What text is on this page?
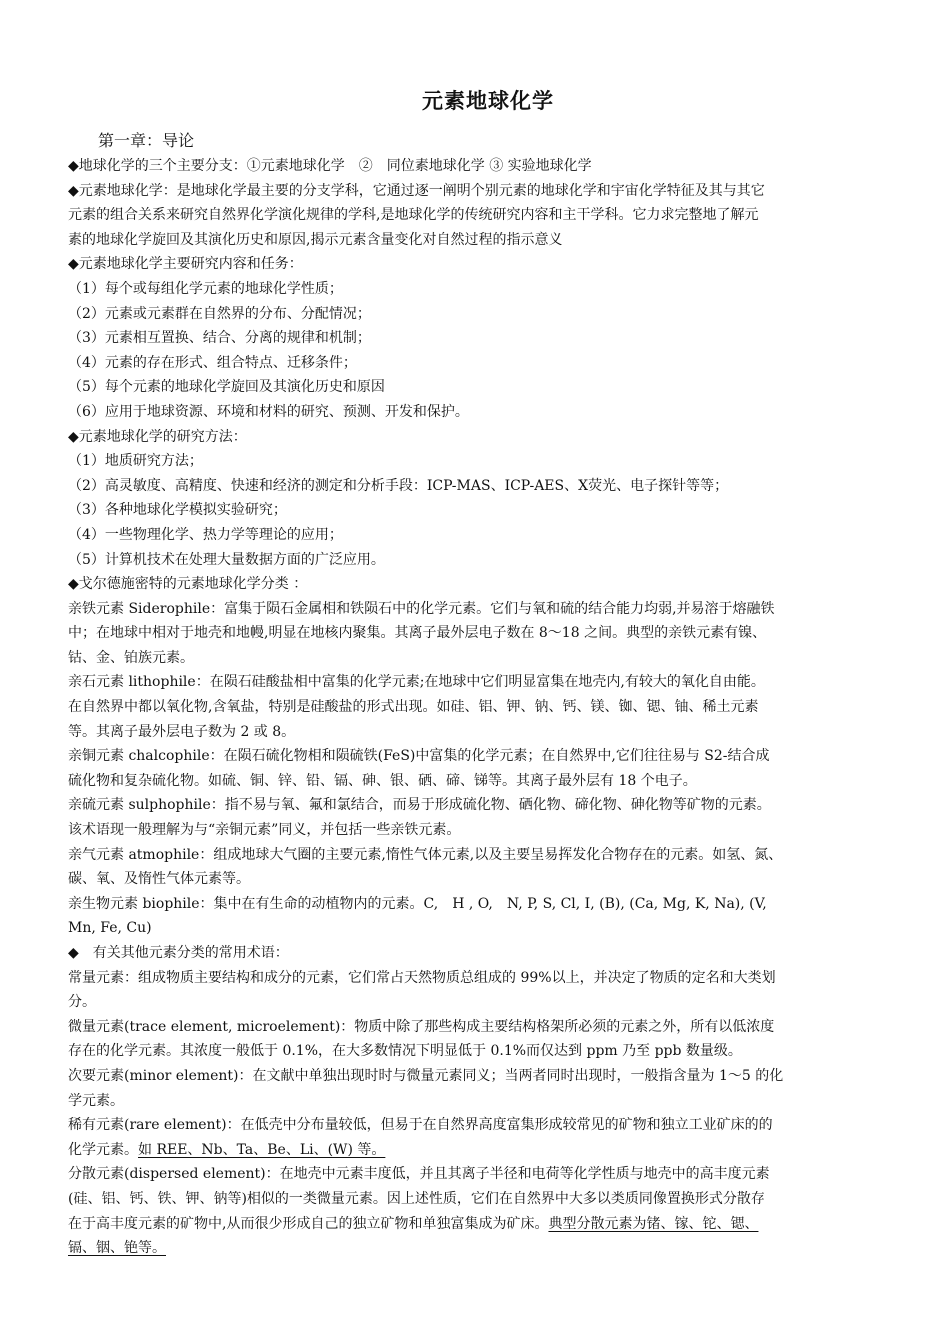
元素地球化学
第一章：导论
◆地球化学的三个主要分支：①元素地球化学　②　同位素地球化学 ③ 实验地球化学
◆元素地球化学：是地球化学最主要的分支学科，它通过逐一阐明个别元素的地球化学和宇宙化学特征及其与其它
元素的组合关系来研究自然界化学演化规律的学科,是地球化学的传统研究内容和主干学科。它力求完整地了解元
素的地球化学旋回及其演化历史和原因,揭示元素含量变化对自然过程的指示意义
◆元素地球化学主要研究内容和任务：
（1）每个或每组化学元素的地球化学性质；
（2）元素或元素群在自然界的分布、分配情况；
（3）元素相互置换、结合、分离的规律和机制；
（4）元素的存在形式、组合特点、迁移条件；
（5）每个元素的地球化学旋回及其演化历史和原因
（6）应用于地球资源、环境和材料的研究、预测、开发和保护。
◆元素地球化学的研究方法：
（1）地质研究方法；
（2）高灵敏度、高精度、快速和经济的测定和分析手段：ICP-MAS、ICP-AES、X荧光、电子探针等等；
（3）各种地球化学模拟实验研究；
（4）一些物理化学、热力学等理论的应用；
（5）计算机技术在处理大量数据方面的广泛应用。
◆戈尔德施密特的元素地球化学分类 ：
亲铁元素 Siderophile：富集于陨石金属相和铁陨石中的化学元素。它们与氧和硫的结合能力均弱,并易溶于熔融铁
中；在地球中相对于地壳和地幔,明显在地核内聚集。其离子最外层电子数在 8～18 之间。典型的亲铁元素有镍、
钴、金、铂族元素。
亲石元素 lithophile：在陨石硅酸盐相中富集的化学元素;在地球中它们明显富集在地壳内,有较大的氧化自由能。
在自然界中都以氧化物,含氧盐，特别是硅酸盐的形式出现。如硅、铝、钾、钠、钙、镁、铷、锶、铀、稀土元素
等。其离子最外层电子数为 2 或 8。
亲铜元素 chalcophile：在陨石硫化物相和陨硫铁(FeS)中富集的化学元素；在自然界中,它们往往易与 S2-结合成
硫化物和复杂硫化物。如硫、铜、锌、铅、镉、砷、银、硒、碲、锑等。其离子最外层有 18 个电子。
亲硫元素 sulphophile：指不易与氧、氟和氯结合，而易于形成硫化物、硒化物、碲化物、砷化物等矿物的元素。
该术语现一般理解为与“亲铜元素”同义，并包括一些亲铁元素。
亲气元素 atmophile：组成地球大气圈的主要元素,惰性气体元素,以及主要呈易挥发化合物存在的元素。如氢、氮、
碳、氧、及惰性气体元素等。
亲生物元素 biophile：集中在有生命的动植物内的元素。C,　H , O,　N, P, S, Cl, I, (B), (Ca, Mg, K, Na), (V,
Mn, Fe, Cu)
◆　有关其他元素分类的常用术语：
常量元素：组成物质主要结构和成分的元素，它们常占天然物质总组成的 99%以上，并决定了物质的定名和大类划
分。
微量元素(trace element, microelement)：物质中除了那些构成主要结构格架所必须的元素之外，所有以低浓度
存在的化学元素。其浓度一般低于 0.1%，在大多数情况下明显低于 0.1%而仅达到 ppm 乃至 ppb 数量级。
次要元素(minor element)：在文献中单独出现时时与微量元素同义；当两者同时出现时，一般指含量为 1～5 的化
学元素。
稀有元素(rare element)：在低壳中分布量较低，但易于在自然界高度富集形成较常见的矿物和独立工业矿床的的
化学元素。如 REE、Nb、Ta、Be、Li、(W) 等。
分散元素(dispersed element)：在地壳中元素丰度低，并且其离子半径和电荷等化学性质与地壳中的高丰度元素
(硅、铝、钙、铁、钾、钠等)相似的一类微量元素。因上述性质，它们在自然界中大多以类质同像置换形式分散存
在于高丰度元素的矿物中,从而很少形成自己的独立矿物和单独富集成为矿床。典型分散元素为锗、镓、铊、锶、
镉、铟、铯等。
